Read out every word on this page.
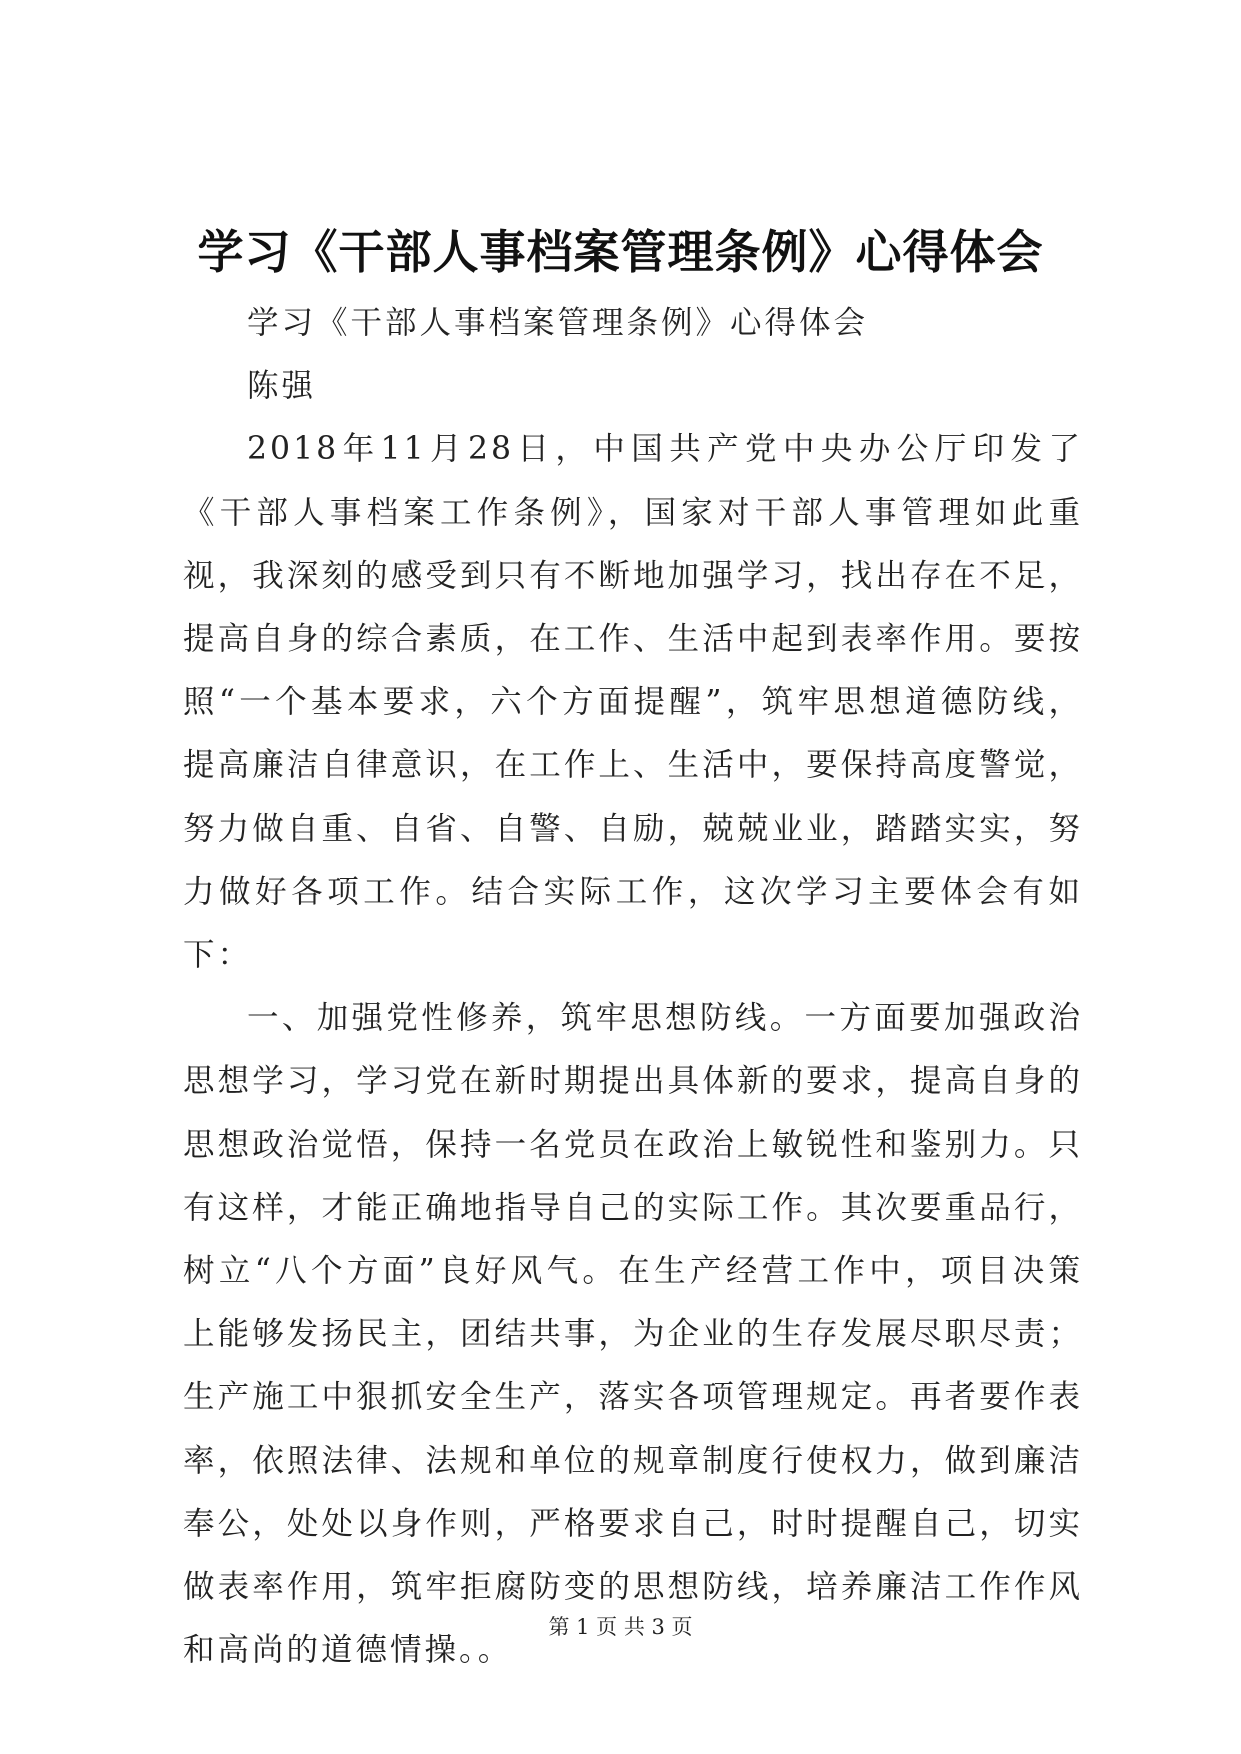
学习《干部人事档案管理条例》心得体会

学习《干部人事档案管理条例》心得体会

陈强

2018年11月28日，中国共产党中央办公厅印发了《干部人事档案工作条例》，国家对干部人事管理如此重视，我深刻的感受到只有不断地加强学习，找出存在不足，提高自身的综合素质，在工作、生活中起到表率作用。要按照“一个基本要求，六个方面提醒”，筑牢思想道德防线，提高廉洁自律意识，在工作上、生活中，要保持高度警觉，努力做自重、自省、自警、自励，兢兢业业，踏踏实实，努力做好各项工作。结合实际工作，这次学习主要体会有如下：

一、加强党性修养，筑牢思想防线。一方面要加强政治思想学习，学习党在新时期提出具体新的要求，提高自身的思想政治觉悟，保持一名党员在政治上敏锐性和鉴别力。只有这样，才能正确地指导自己的实际工作。其次要重品行，树立“八个方面”良好风气。在生产经营工作中，项目决策上能够发扬民主，团结共事，为企业的生存发展尽职尽责；生产施工中狠抓安全生产，落实各项管理规定。再者要作表率，依照法律、法规和单位的规章制度行使权力，做到廉洁奉公，处处以身作则，严格要求自己，时时提醒自己，切实做表率作用，筑牢拒腐防变的思想防线，培养廉洁工作作风和高尚的道德情操。。

第 1 页 共 3 页
